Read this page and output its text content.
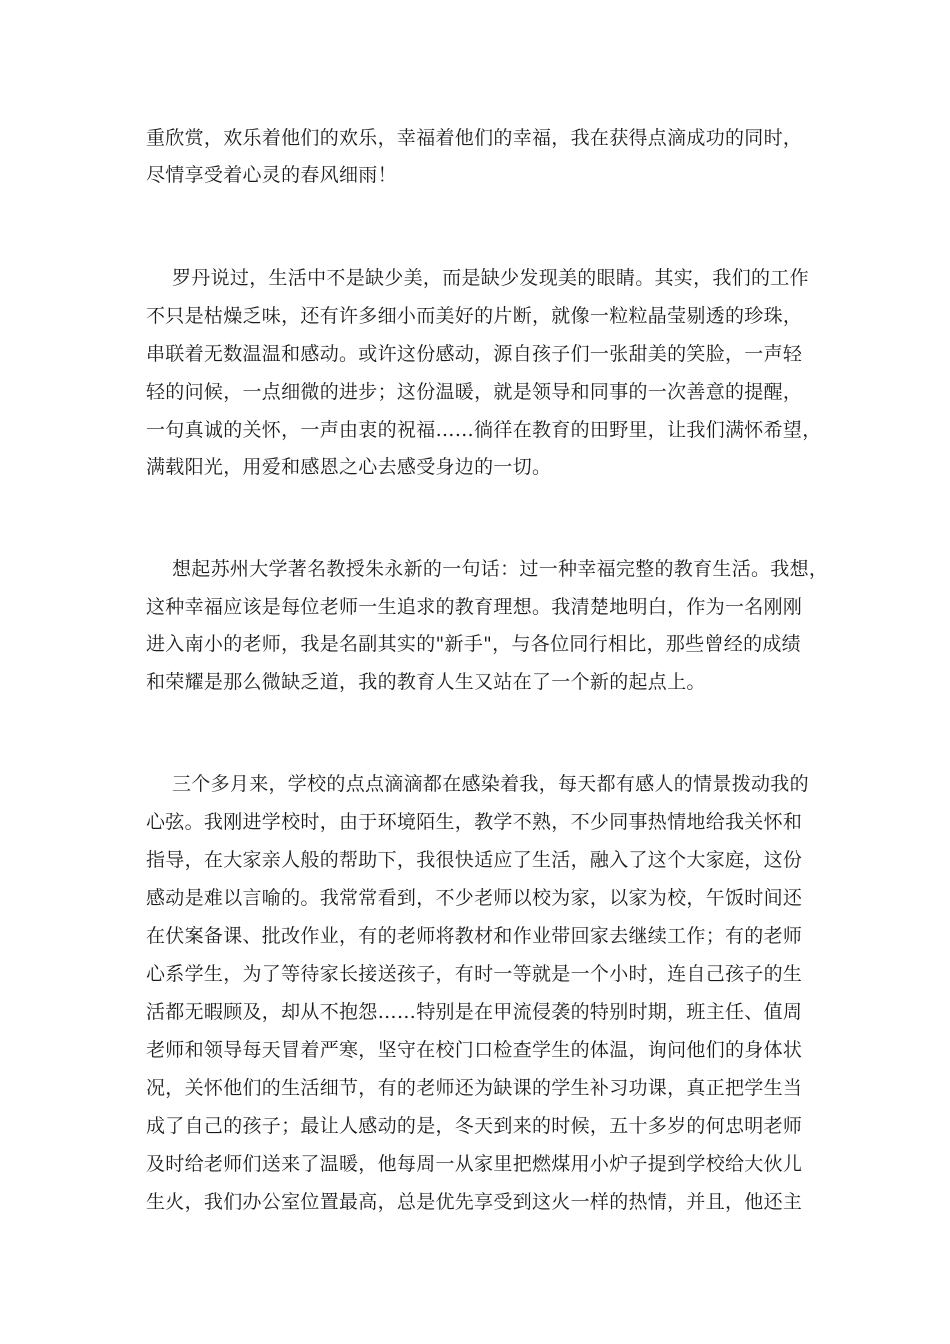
重欣赏，欢乐着他们的欢乐，幸福着他们的幸福，我在获得点滴成功的同时，
尽情享受着心灵的春风细雨！
罗丹说过，生活中不是缺少美，而是缺少发现美的眼睛。其实，我们的工作
不只是枯燥乏味，还有许多细小而美好的片断，就像一粒粒晶莹剔透的珍珠，
串联着无数温温和感动。或许这份感动，源自孩子们一张甜美的笑脸，一声轻
轻的问候，一点细微的进步；这份温暖，就是领导和同事的一次善意的提醒，
一句真诚的关怀，一声由衷的祝福……徜徉在教育的田野里，让我们满怀希望，
满载阳光，用爱和感恩之心去感受身边的一切。
想起苏州大学著名教授朱永新的一句话：过一种幸福完整的教育生活。我想，
这种幸福应该是每位老师一生追求的教育理想。我清楚地明白，作为一名刚刚
进入南小的老师，我是名副其实的"新手"，与各位同行相比，那些曾经的成绩
和荣耀是那么微缺乏道，我的教育人生又站在了一个新的起点上。
三个多月来，学校的点点滴滴都在感染着我，每天都有感人的情景拨动我的
心弦。我刚进学校时，由于环境陌生，教学不熟，不少同事热情地给我关怀和
指导，在大家亲人般的帮助下，我很快适应了生活，融入了这个大家庭，这份
感动是难以言喻的。我常常看到，不少老师以校为家，以家为校，午饭时间还
在伏案备课、批改作业，有的老师将教材和作业带回家去继续工作；有的老师
心系学生，为了等待家长接送孩子，有时一等就是一个小时，连自己孩子的生
活都无暇顾及，却从不抱怨……特别是在甲流侵袭的特别时期，班主任、值周
老师和领导每天冒着严寒，坚守在校门口检查学生的体温，询问他们的身体状
况，关怀他们的生活细节，有的老师还为缺课的学生补习功课，真正把学生当
成了自己的孩子；最让人感动的是，冬天到来的时候，五十多岁的何忠明老师
及时给老师们送来了温暖，他每周一从家里把燃煤用小炉子提到学校给大伙儿
生火，我们办公室位置最高，总是优先享受到这火一样的热情，并且，他还主
